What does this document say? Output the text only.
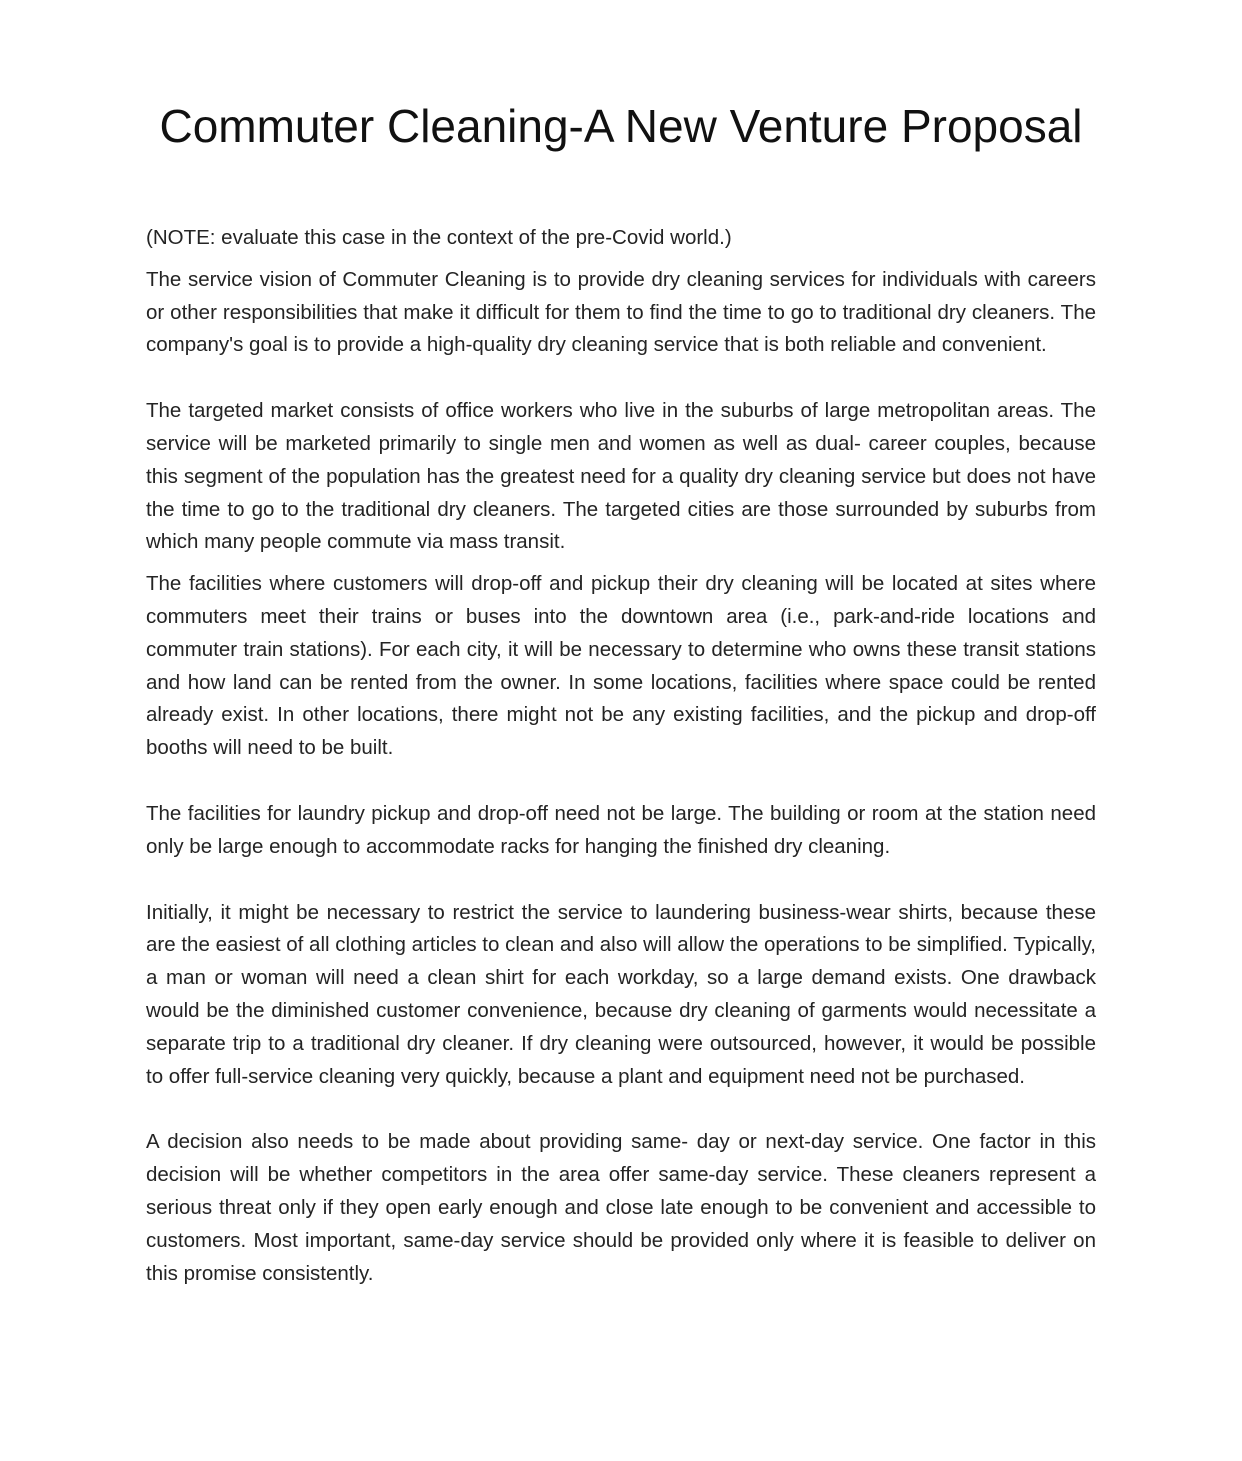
Commuter Cleaning-A New Venture Proposal

(NOTE: evaluate this case in the context of the pre-Covid world.)

The service vision of Commuter Cleaning is to provide dry cleaning services for individuals with careers or other responsibilities that make it difficult for them to find the time to go to traditional dry cleaners. The company's goal is to provide a high-quality dry cleaning service that is both reliable and convenient.

The targeted market consists of office workers who live in the suburbs of large metropolitan areas. The service will be marketed primarily to single men and women as well as dual- career couples, because this segment of the population has the greatest need for a quality dry cleaning service but does not have the time to go to the traditional dry cleaners. The targeted cities are those surrounded by suburbs from which many people commute via mass transit.

The facilities where customers will drop-off and pickup their dry cleaning will be located at sites where commuters meet their trains or buses into the downtown area (i.e., park-and-ride locations and commuter train stations). For each city, it will be necessary to determine who owns these transit stations and how land can be rented from the owner. In some locations, facilities where space could be rented already exist. In other locations, there might not be any existing facilities, and the pickup and drop-off booths will need to be built.

The facilities for laundry pickup and drop-off need not be large. The building or room at the station need only be large enough to accommodate racks for hanging the finished dry cleaning.

Initially, it might be necessary to restrict the service to laundering business-wear shirts, because these are the easiest of all clothing articles to clean and also will allow the operations to be simplified. Typically, a man or woman will need a clean shirt for each workday, so a large demand exists. One drawback would be the diminished customer convenience, because dry cleaning of garments would necessitate a separate trip to a traditional dry cleaner. If dry cleaning were outsourced, however, it would be possible to offer full-service cleaning very quickly, because a plant and equipment need not be purchased.

A decision also needs to be made about providing same- day or next-day service. One factor in this decision will be whether competitors in the area offer same-day service. These cleaners represent a serious threat only if they open early enough and close late enough to be convenient and accessible to customers. Most important, same-day service should be provided only where it is feasible to deliver on this promise consistently.
